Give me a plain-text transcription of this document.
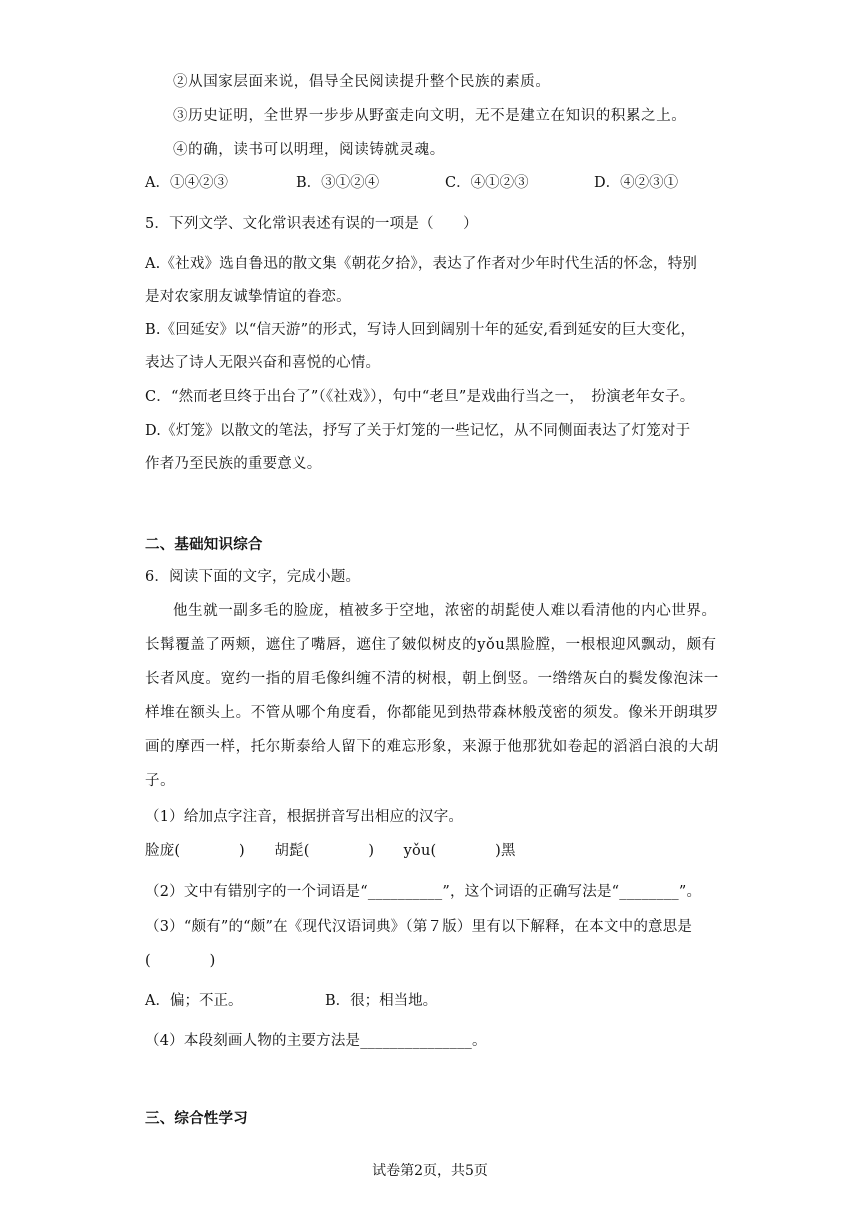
②从国家层面来说，倡导全民阅读提升整个民族的素质。
③历史证明，全世界一步步从野蛮走向文明，无不是建立在知识的积累之上。
④的确，读书可以明理，阅读铸就灵魂。
A．①④②③	B．③①②④	C．④①②③	D．④②③①
5．下列文学、文化常识表述有误的一项是（　　）
A.《社戏》选自鲁迅的散文集《朝花夕拾》，表达了作者对少年时代生活的怀念，特别
是对农家朋友诚挚情谊的眷恋。
B.《回延安》以“信天游”的形式，写诗人回到阔别十年的延安,看到延安的巨大变化，
表达了诗人无限兴奋和喜悦的心情。
C．“然而老旦终于出台了”（《社戏》），句中“老旦”是戏曲行当之一，　扮演老年女子。
D.《灯笼》以散文的笔法，抒写了关于灯笼的一些记忆，从不同侧面表达了灯笼对于
作者乃至民族的重要意义。
二、基础知识综合
6．阅读下面的文字，完成小题。
他生就一副多毛的脸庞，植被多于空地，浓密的胡髭使人难以看清他的内心世界。
长髯覆盖了两颊，遮住了嘴唇，遮住了皴似树皮的yǒu黑脸膛，一根根迎风飘动，颇有
长者风度。宽约一指的眉毛像纠缠不清的树根，朝上倒竖。一绺绺灰白的鬓发像泡沫一
样堆在额头上。不管从哪个角度看，你都能见到热带森林般茂密的须发。像米开朗琪罗
画的摩西一样，托尔斯泰给人留下的难忘形象，来源于他那犹如卷起的滔滔白浪的大胡
子。
（1）给加点字注音，根据拼音写出相应的汉字。
脸庞(　　　　)　　胡髭(　　　　)　　yǒu(　　　　)黑
（2）文中有错别字的一个词语是“__________”，这个词语的正确写法是“________”。
（3）“颇有”的“颇”在《现代汉语词典》（第７版）里有以下解释，在本文中的意思是
(　　　　)
A．偏；不正。	B．很；相当地。
（4）本段刻画人物的主要方法是_______________。
三、综合性学习
试卷第2页，共5页
